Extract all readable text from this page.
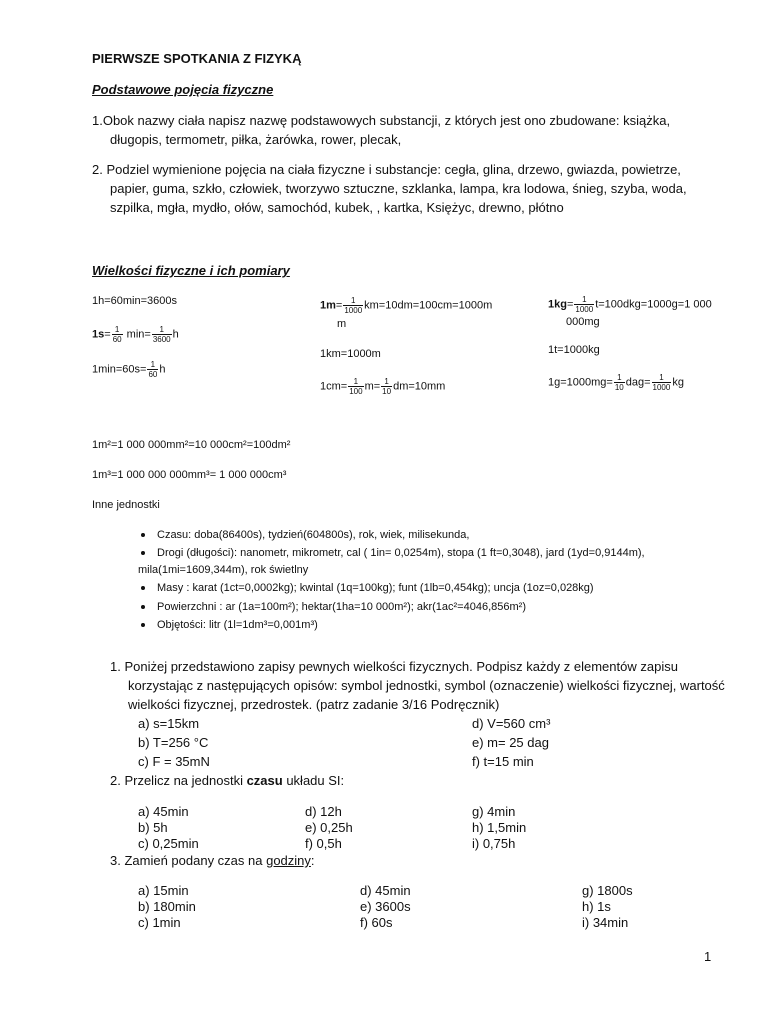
PIERWSZE SPOTKANIA Z FIZYKĄ
Podstawowe pojęcia fizyczne
1.Obok nazwy ciała napisz nazwę podstawowych substancji, z których jest ono zbudowane: książka,
długopis, termometr, piłka, żarówka, rower, plecak,
2. Podziel wymienione pojęcia na ciała fizyczne i substancje: cegła, glina, drzewo, gwiazda, powietrze,
papier, guma, szkło, człowiek, tworzywo sztuczne, szklanka, lampa, kra lodowa, śnieg, szyba, woda,
szpilka, mgła, mydło, ołów, samochód, kubek, , kartka, Księżyc, drewno, płótno
Wielkości fizyczne i ich pomiary
1h=60min=3600s
$1s= \frac{1}{60} \min= \frac{1}{3600}$ h
$1\min=60s= \frac{1}{60}$ h
$1m= \frac{1}{1000} km=10dm=100cm=1000m$
m
1km=1000m
$1cm= \frac{1}{100} m= \frac{1}{10} dm=10mm$
$1kg= \frac{1}{1000} t=100dkg=1000g=1$ 000
000mg
1t=1000kg
$1g=1000mg= \frac{1}{10} dag= \frac{1}{1000}$ kg
1m²=1 000 000mm²=10 000cm²=100dm²
1m³=1 000 000 000mm³= 1 000 000cm³
Inne jednostki
Czasu: doba(86400s), tydzień(604800s), rok, wiek, milisekunda,
Drogi (długości): nanometr, mikrometr, cal ( 1in= 0,0254m), stopa (1 ft=0,3048), jard (1yd=0,9144m),
mila(1mi=1609,344m), rok świetlny
Masy : karat (1ct=0,0002kg); kwintal (1q=100kg); funt (1lb=0,454kg); uncja (1oz=0,028kg)
Powierzchni : ar (1a=100m²); hektar(1ha=10 000m²); akr(1ac²=4046,856m²)
Objętości: litr (1l=1dm³=0,001m³)
1. Poniżej przedstawiono zapisy pewnych wielkości fizycznych. Podpisz każdy z elementów zapisu
korzystając z następujących opisów: symbol jednostki, symbol (oznaczenie) wielkości fizycznej, wartość
wielkości fizycznej, przedrostek. (patrz zadanie 3/16 Podręcznik)
a) s=15km
b) T=256 °C
c) F = 35mN
d) V=560 cm³
e) m= 25 dag
f) t=15 min
2. Przelicz na jednostki czasu układu SI:
a) 45min
b) 5h
c) 0,25min
d) 12h
e) 0,25h
f) 0,5h
g) 4min
h) 1,5min
i) 0,75h
3. Zamień podany czas na godziny:
a) 15min
b) 180min
c) 1min
d) 45min
e) 3600s
f) 60s
g) 1800s
h) 1s
i) 34min
1
